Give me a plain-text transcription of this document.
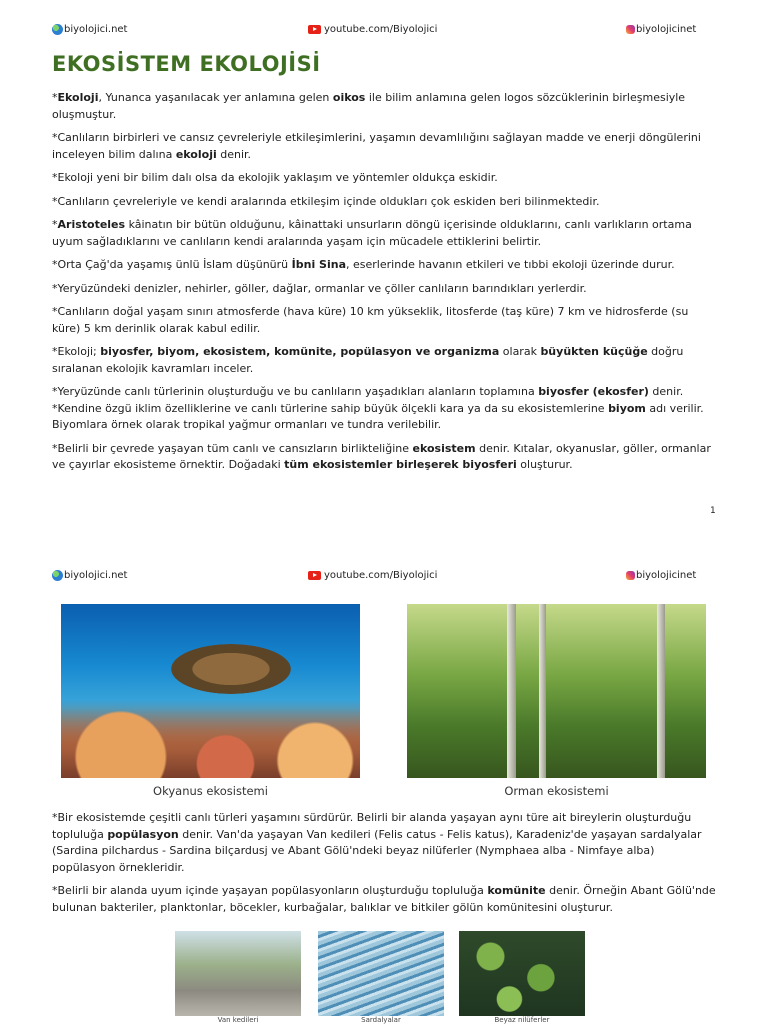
biyolojici.net	youtube.com/Biyolojici	biyolojicinet
EKOSİSTEM EKOLOJİSİ

*Ekoloji, Yunanca yaşanılacak yer anlamına gelen oikos ile bilim anlamına gelen logos sözcüklerinin birleşmesiyle oluşmuştur.

*Canlıların birbirleri ve cansız çevreleriyle etkileşimlerini, yaşamın devamlılığını sağlayan madde ve enerji döngülerini inceleyen bilim dalına ekoloji denir.

*Ekoloji yeni bir bilim dalı olsa da ekolojik yaklaşım ve yöntemler oldukça eskidir.

*Canlıların çevreleriyle ve kendi aralarında etkileşim içinde oldukları çok eskiden beri bilinmektedir.

*Aristoteles kâinatın bir bütün olduğunu, kâinattaki unsurların döngü içerisinde olduklarını, canlı varlıkların ortama uyum sağladıklarını ve canlıların kendi aralarında yaşam için mücadele ettiklerini belirtir.

*Orta Çağ'da yaşamış ünlü İslam düşünürü İbni Sina, eserlerinde havanın etkileri ve tıbbi ekoloji üzerinde durur.

*Yeryüzündeki denizler, nehirler, göller, dağlar, ormanlar ve çöller canlıların barındıkları yerlerdir.

*Canlıların doğal yaşam sınırı atmosferde (hava küre) 10 km yükseklik, litosferde (taş küre) 7 km ve hidrosferde (su küre) 5 km derinlik olarak kabul edilir.

*Ekoloji; biyosfer, biyom, ekosistem, komünite, popülasyon ve organizma olarak büyükten küçüğe doğru sıralanan ekolojik kavramları inceler.

*Yeryüzünde canlı türlerinin oluşturduğu ve bu canlıların yaşadıkları alanların toplamına biyosfer (ekosfer) denir.
*Kendine özgü iklim özelliklerine ve canlı türlerine sahip büyük ölçekli kara ya da su ekosistemlerine biyom adı verilir. Biyomlara örnek olarak tropikal yağmur ormanları ve tundra verilebilir.

*Belirli bir çevrede yaşayan tüm canlı ve cansızların birlikteliğine ekosistem denir. Kıtalar, okyanuslar, göller, ormanlar ve çayırlar ekosisteme örnektir. Doğadaki tüm ekosistemler birleşerek biyosferi oluşturur.

1
biyolojici.net	youtube.com/Biyolojici	biyolojicinet
Okyanus ekosistemi	Orman ekosistemi

*Bir ekosistemde çeşitli canlı türleri yaşamını sürdürür. Belirli bir alanda yaşayan aynı türe ait bireylerin oluşturduğu topluluğa popülasyon denir. Van'da yaşayan Van kedileri (Felis catus - Felis katus), Karadeniz'de yaşayan sardalyalar (Sardina pilchardus - Sardina bilçardusj ve Abant Gölü'ndeki beyaz nilüferler (Nymphaea alba - Nimfaye alba) popülasyon örnekleridir.

*Belirli bir alanda uyum içinde yaşayan popülasyonların oluşturduğu topluluğa komünite denir. Örneğin Abant Gölü'nde bulunan bakteriler, planktonlar, böcekler, kurbağalar, balıklar ve bitkiler gölün komünitesini oluşturur.

Van kedileri	Sardalyalar	Beyaz nilüferler
